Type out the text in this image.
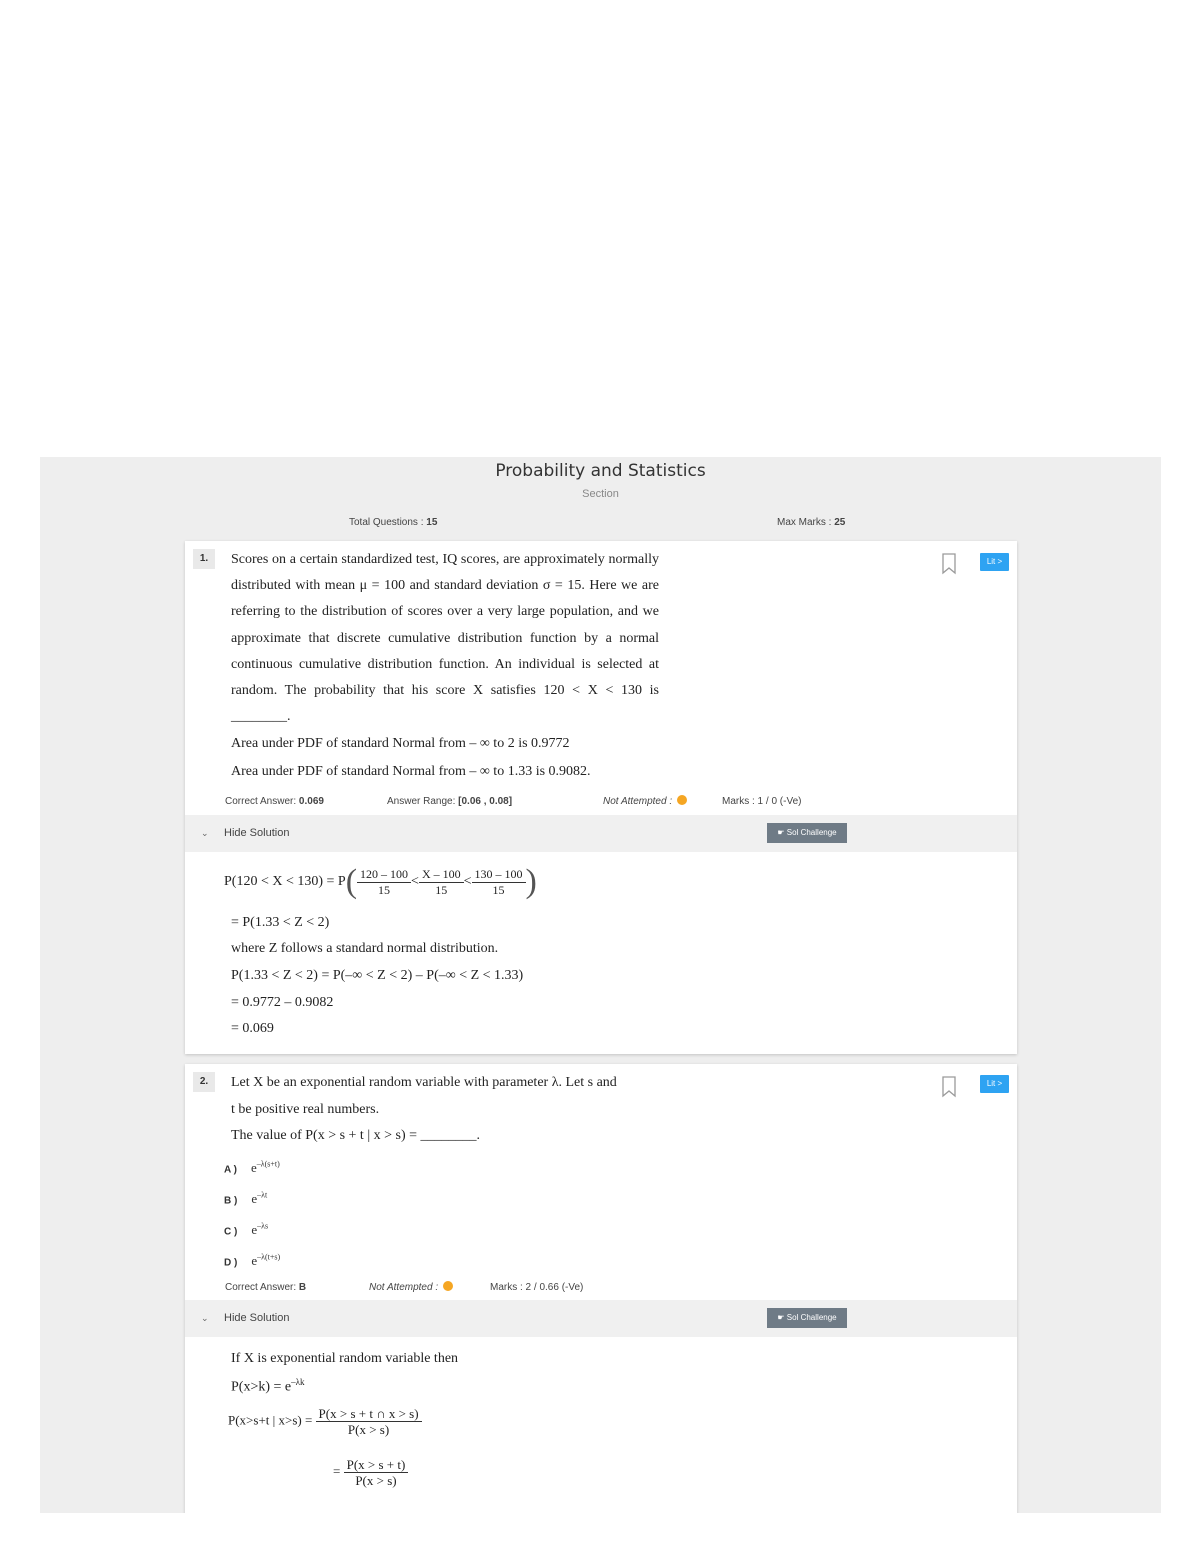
Probability and Statistics
Section
Total Questions : 15	Max Marks : 25
1.	Lit >
Scores on a certain standardized test, IQ scores, are approximately normally distributed with mean μ = 100 and standard deviation σ = 15. Here we are referring to the distribution of scores over a very large population, and we approximate that discrete cumulative distribution function by a normal continuous cumulative distribution function. An individual is selected at random. The probability that his score X satisfies 120 < X < 130 is ________.
Area under PDF of standard Normal from – ∞ to 2 is 0.9772
Area under PDF of standard Normal from – ∞ to 1.33 is 0.9082.
Correct Answer: 0.069	Answer Range: [0.06 , 0.08]	Not Attempted :	Marks : 1 / 0 (-Ve)
⌄ Hide Solution	☛ Sol Challenge
$P(120 < X < 130) = P( \frac{120 - 100}{15} < \frac{X - 100}{15} < \frac{130 - 100}{15}$ )
= P(1.33 < Z < 2)
where Z follows a standard normal distribution.
P(1.33 < Z < 2) = P(–∞ < Z < 2) – P(–∞ < Z < 1.33)
= 0.9772 – 0.9082
= 0.069
2.	Lit >
Let X be an exponential random variable with parameter λ. Let s and
t be positive real numbers.
The value of P(x > s + t | x > s) = ________.
A ) $e^{-\lambda(s+t)}$
B ) $e^{-\lambda t}$
C ) $e^{-\lambda s}$
D ) $e^{-\lambda(t+s)}$
Correct Answer: B	Not Attempted :	Marks : 2 / 0.66 (-Ve)
⌄ Hide Solution	☛ Sol Challenge
If X is exponential random variable then
$P(x>k) = e^{-\lambda k}$
P(x>s+t | $x>s) = \frac{P(x > s + t \cap x > s)}{P(x > s)}$
= $\frac{P(x > s + t)}{P(x > s)}$
